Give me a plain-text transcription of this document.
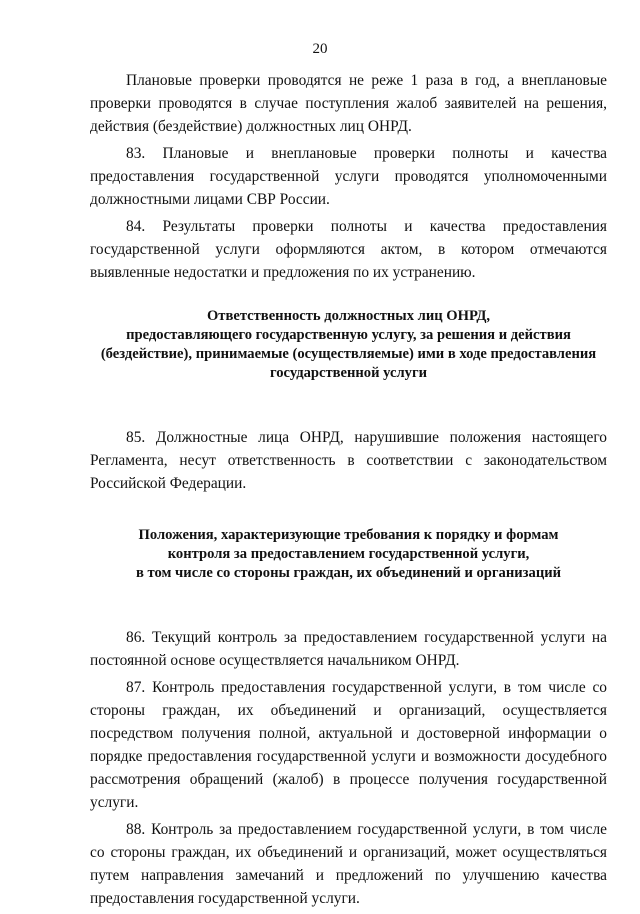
20

Плановые проверки проводятся не реже 1 раза в год, а внеплановые проверки проводятся в случае поступления жалоб заявителей на решения, действия (бездействие) должностных лиц ОНРД.

83. Плановые и внеплановые проверки полноты и качества предоставления государственной услуги проводятся уполномоченными должностными лицами СВР России.

84. Результаты проверки полноты и качества предоставления государственной услуги оформляются актом, в котором отмечаются выявленные недостатки и предложения по их устранению.

Ответственность должностных лиц ОНРД,
предоставляющего государственную услугу, за решения и действия
(бездействие), принимаемые (осуществляемые) ими в ходе предоставления
государственной услуги

85. Должностные лица ОНРД, нарушившие положения настоящего Регламента, несут ответственность в соответствии с законодательством Российской Федерации.

Положения, характеризующие требования к порядку и формам
контроля за предоставлением государственной услуги,
в том числе со стороны граждан, их объединений и организаций

86. Текущий контроль за предоставлением государственной услуги на постоянной основе осуществляется начальником ОНРД.

87. Контроль предоставления государственной услуги, в том числе со стороны граждан, их объединений и организаций, осуществляется посредством получения полной, актуальной и достоверной информации о порядке предоставления государственной услуги и возможности досудебного рассмотрения обращений (жалоб) в процессе получения государственной услуги.

88. Контроль за предоставлением государственной услуги, в том числе со стороны граждан, их объединений и организаций, может осуществляться путем направления замечаний и предложений по улучшению качества предоставления государственной услуги.
